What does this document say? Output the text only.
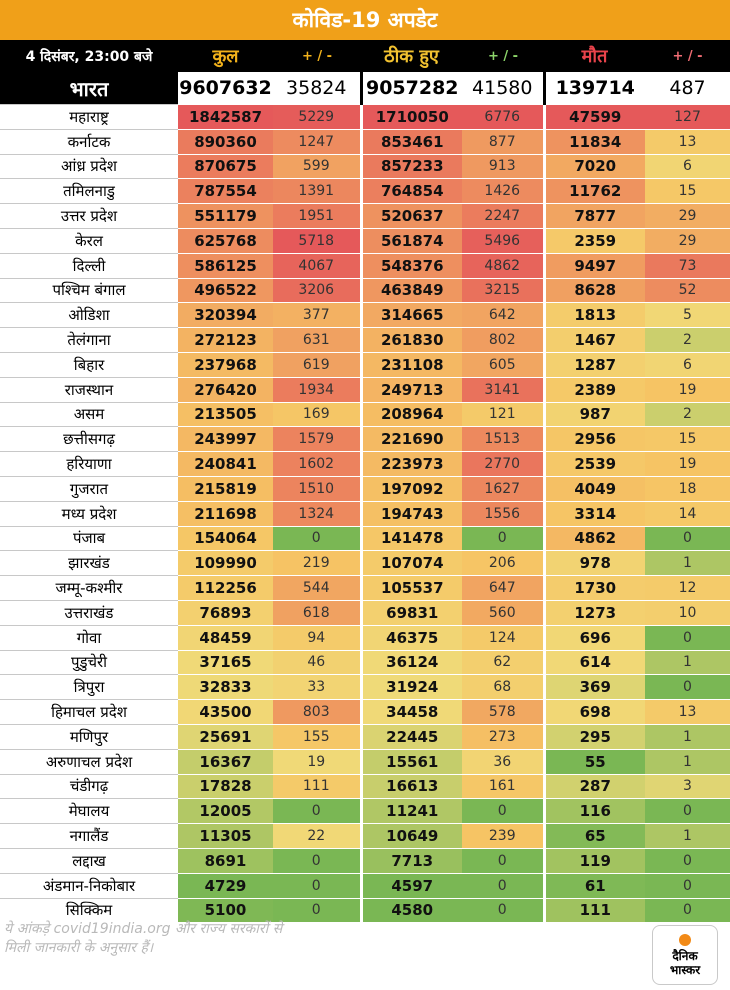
कोविड-19 अपडेट
4 दिसंबर, 23:00 बजे	कुल	+ / -	ठीक हुए	+ / -	मौत	+ / -
भारत	9607632	35824	9057282	41580	139714	487
महाराष्ट्र	1842587	5229	1710050	6776	47599	127
कर्नाटक	890360	1247	853461	877	11834	13
आंध्र प्रदेश	870675	599	857233	913	7020	6
तमिलनाडु	787554	1391	764854	1426	11762	15
उत्तर प्रदेश	551179	1951	520637	2247	7877	29
केरल	625768	5718	561874	5496	2359	29
दिल्ली	586125	4067	548376	4862	9497	73
पश्चिम बंगाल	496522	3206	463849	3215	8628	52
ओडिशा	320394	377	314665	642	1813	5
तेलंगाना	272123	631	261830	802	1467	2
बिहार	237968	619	231108	605	1287	6
राजस्थान	276420	1934	249713	3141	2389	19
असम	213505	169	208964	121	987	2
छत्तीसगढ़	243997	1579	221690	1513	2956	15
हरियाणा	240841	1602	223973	2770	2539	19
गुजरात	215819	1510	197092	1627	4049	18
मध्य प्रदेश	211698	1324	194743	1556	3314	14
पंजाब	154064	0	141478	0	4862	0
झारखंड	109990	219	107074	206	978	1
जम्मू-कश्मीर	112256	544	105537	647	1730	12
उत्तराखंड	76893	618	69831	560	1273	10
गोवा	48459	94	46375	124	696	0
पुडुचेरी	37165	46	36124	62	614	1
त्रिपुरा	32833	33	31924	68	369	0
हिमाचल प्रदेश	43500	803	34458	578	698	13
मणिपुर	25691	155	22445	273	295	1
अरुणाचल प्रदेश	16367	19	15561	36	55	1
चंडीगढ़	17828	111	16613	161	287	3
मेघालय	12005	0	11241	0	116	0
नगालैंड	11305	22	10649	239	65	1
लद्दाख	8691	0	7713	0	119	0
अंडमान-निकोबार	4729	0	4597	0	61	0
सिक्किम	5100	0	4580	0	111	0
ये आंकड़े covid19india.org और राज्य सरकारों से
मिली जानकारी के अनुसार हैं।	दैनिक
भास्कर
